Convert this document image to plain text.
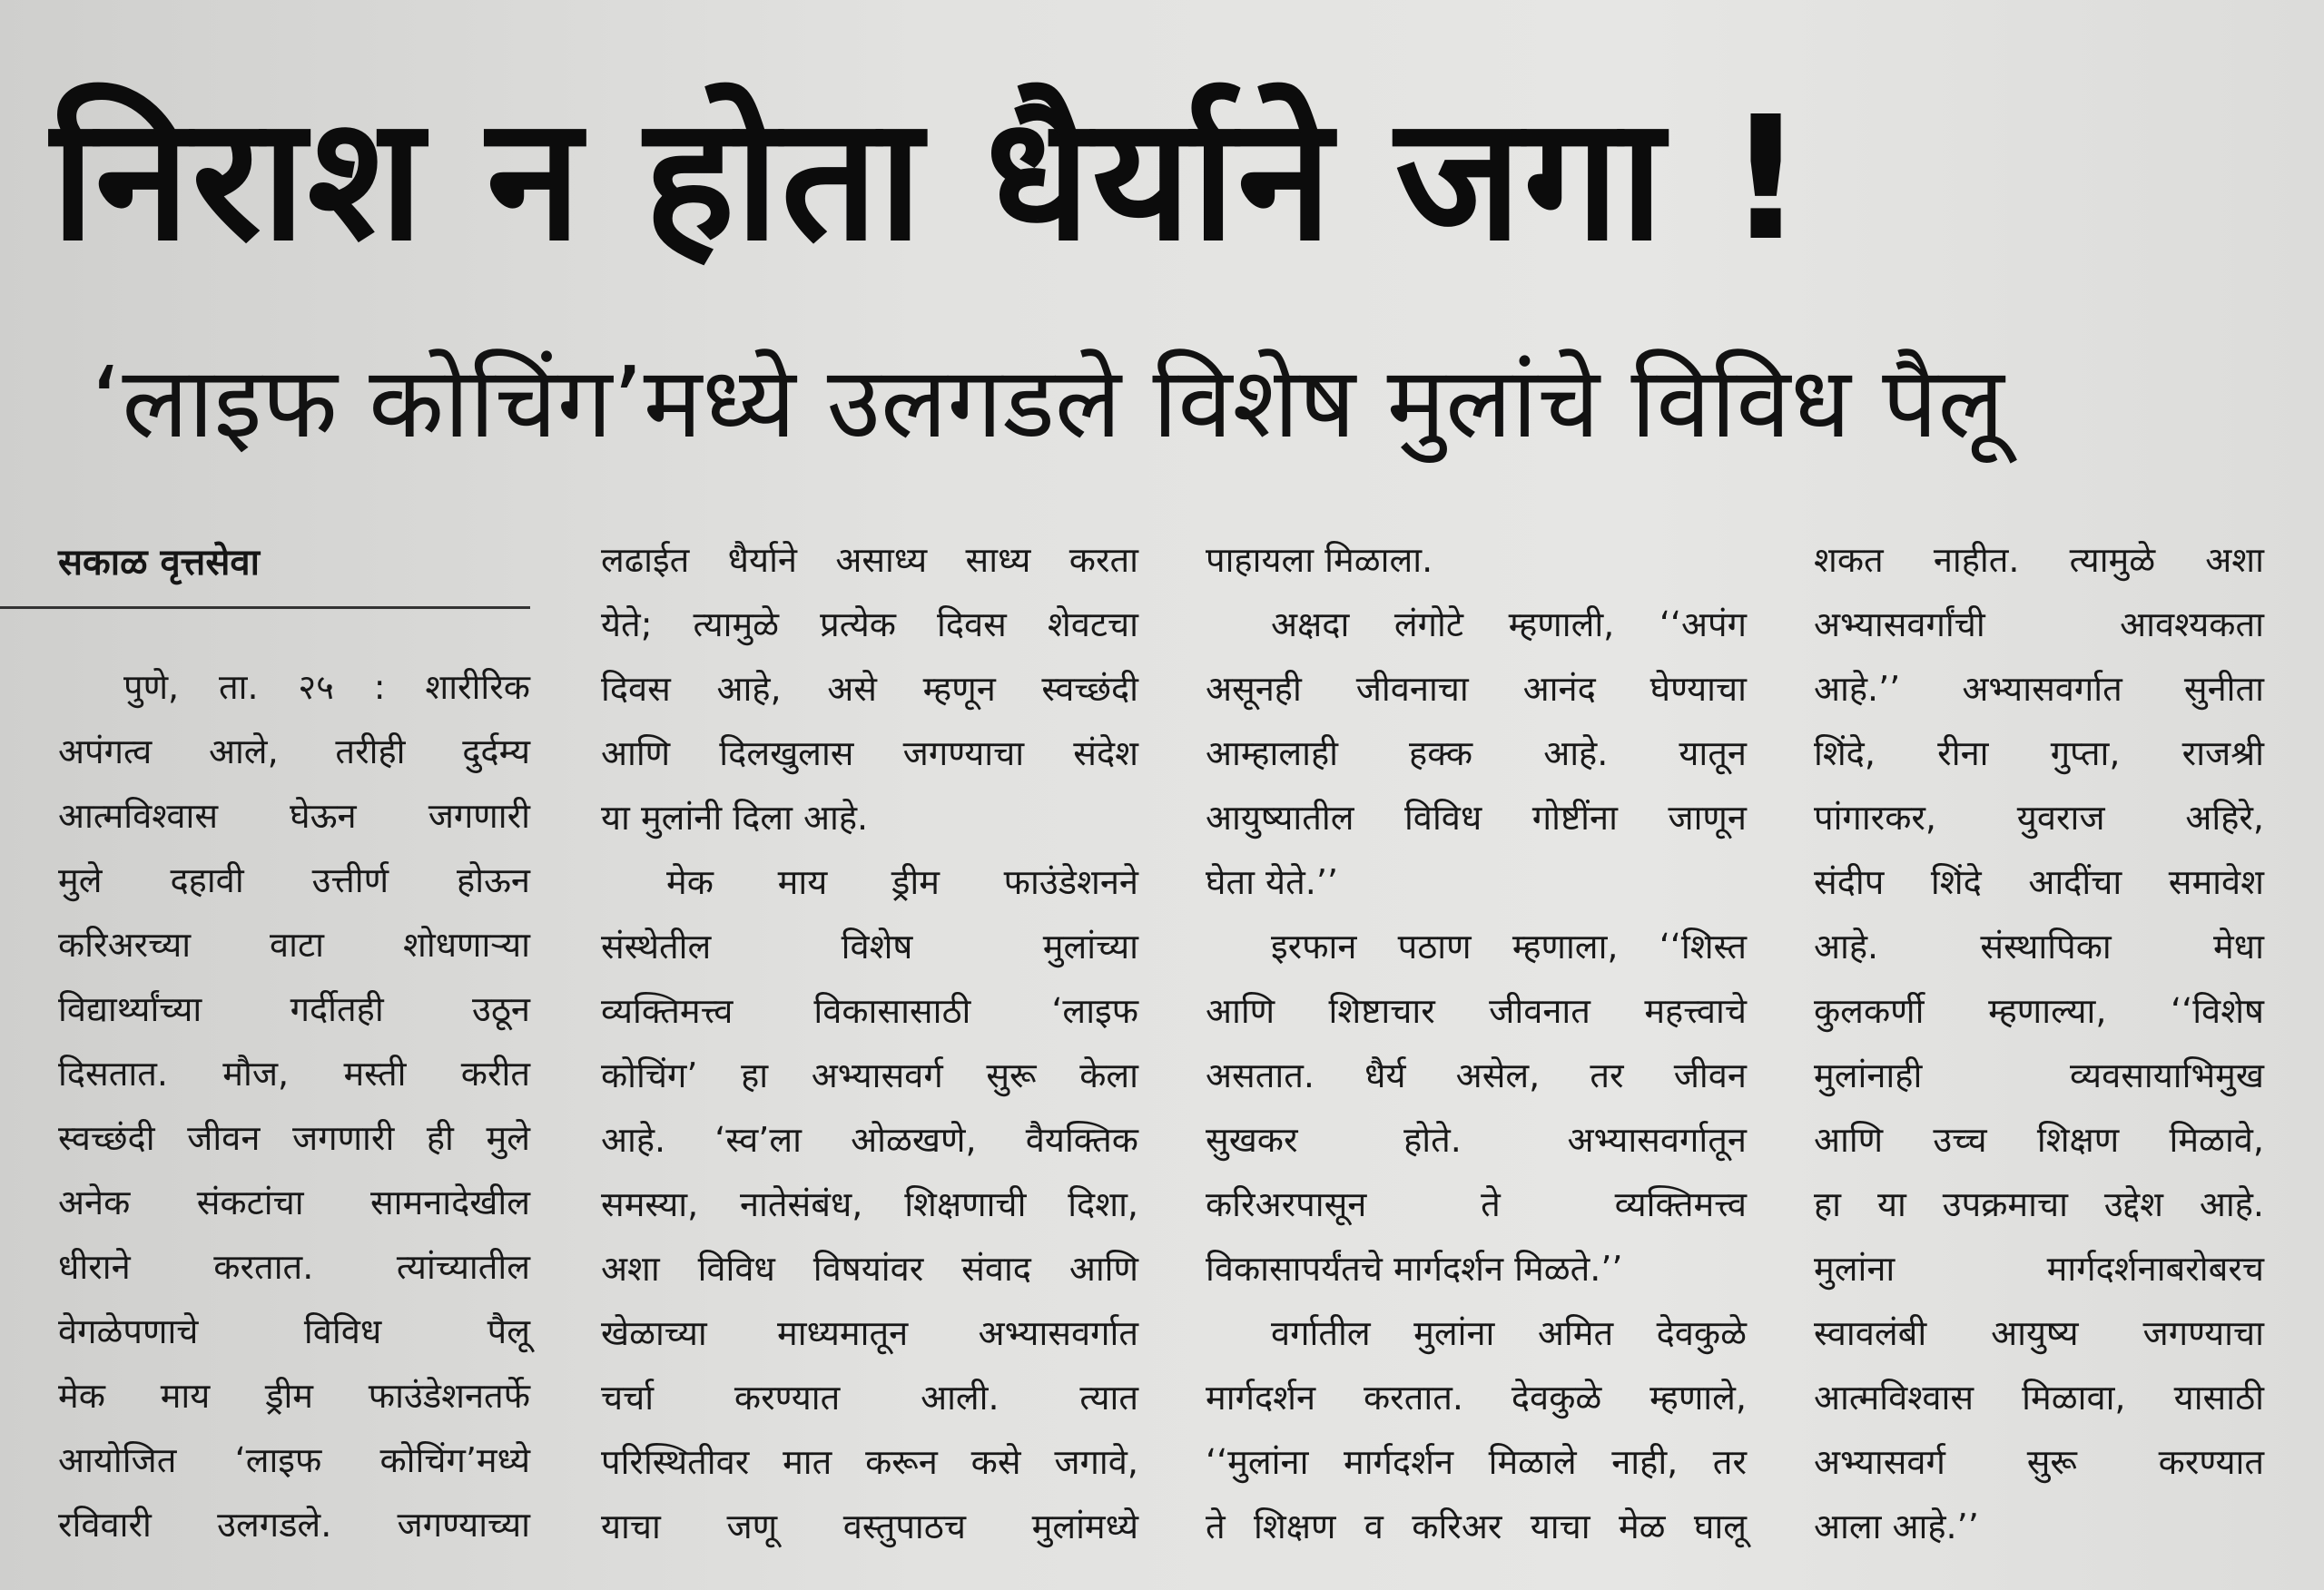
निराश न होता धैर्याने जगा !
‘लाइफ कोचिंग’मध्ये उलगडले विशेष मुलांचे विविध पैलू
सकाळ वृत्तसेवा
पुणे, ता. २५ : शारीरिक
अपंगत्व आले, तरीही दुर्दम्य
आत्मविश्वास घेऊन जगणारी
मुले दहावी उत्तीर्ण होऊन
करिअरच्या वाटा शोधणाऱ्या
विद्यार्थ्यांच्या गर्दीतही उठून
दिसतात. मौज, मस्ती करीत
स्वच्छंदी जीवन जगणारी ही मुले
अनेक संकटांचा सामनादेखील
धीराने करतात. त्यांच्यातील
वेगळेपणाचे विविध पैलू
मेक माय ड्रीम फाउंडेशनतर्फे
आयोजित ‘लाइफ कोचिंग’मध्ये
रविवारी उलगडले. जगण्याच्या
लढाईत धैर्याने असाध्य साध्य करता
येते; त्यामुळे प्रत्येक दिवस शेवटचा
दिवस आहे, असे म्हणून स्वच्छंदी
आणि दिलखुलास जगण्याचा संदेश
या मुलांनी दिला आहे.
मेक माय ड्रीम फाउंडेशनने
संस्थेतील विशेष मुलांच्या
व्यक्तिमत्त्व विकासासाठी ‘लाइफ
कोचिंग’ हा अभ्यासवर्ग सुरू केला
आहे. ‘स्व’ला ओळखणे, वैयक्तिक
समस्या, नातेसंबंध, शिक्षणाची दिशा,
अशा विविध विषयांवर संवाद आणि
खेळाच्या माध्यमातून अभ्यासवर्गात
चर्चा करण्यात आली. त्यात
परिस्थितीवर मात करून कसे जगावे,
याचा जणू वस्तुपाठच मुलांमध्ये
पाहायला मिळाला.
अक्षदा लंगोटे म्हणाली, ‘‘अपंग
असूनही जीवनाचा आनंद घेण्याचा
आम्हालाही हक्क आहे. यातून
आयुष्यातील विविध गोष्टींना जाणून
घेता येते.’’
इरफान पठाण म्हणाला, ‘‘शिस्त
आणि शिष्टाचार जीवनात महत्त्वाचे
असतात. धैर्य असेल, तर जीवन
सुखकर होते. अभ्यासवर्गातून
करिअरपासून ते व्यक्तिमत्त्व
विकासापर्यंतचे मार्गदर्शन मिळते.’’
वर्गातील मुलांना अमित देवकुळे
मार्गदर्शन करतात. देवकुळे म्हणाले,
‘‘मुलांना मार्गदर्शन मिळाले नाही, तर
ते शिक्षण व करिअर याचा मेळ घालू
शकत नाहीत. त्यामुळे अशा
अभ्यासवर्गांची आवश्यकता
आहे.’’ अभ्यासवर्गात सुनीता
शिंदे, रीना गुप्ता, राजश्री
पांगारकर, युवराज अहिरे,
संदीप शिंदे आदींचा समावेश
आहे. संस्थापिका मेधा
कुलकर्णी म्हणाल्या, ‘‘विशेष
मुलांनाही व्यवसायाभिमुख
आणि उच्च शिक्षण मिळावे,
हा या उपक्रमाचा उद्देश आहे.
मुलांना मार्गदर्शनाबरोबरच
स्वावलंबी आयुष्य जगण्याचा
आत्मविश्वास मिळावा, यासाठी
अभ्यासवर्ग सुरू करण्यात
आला आहे.’’
